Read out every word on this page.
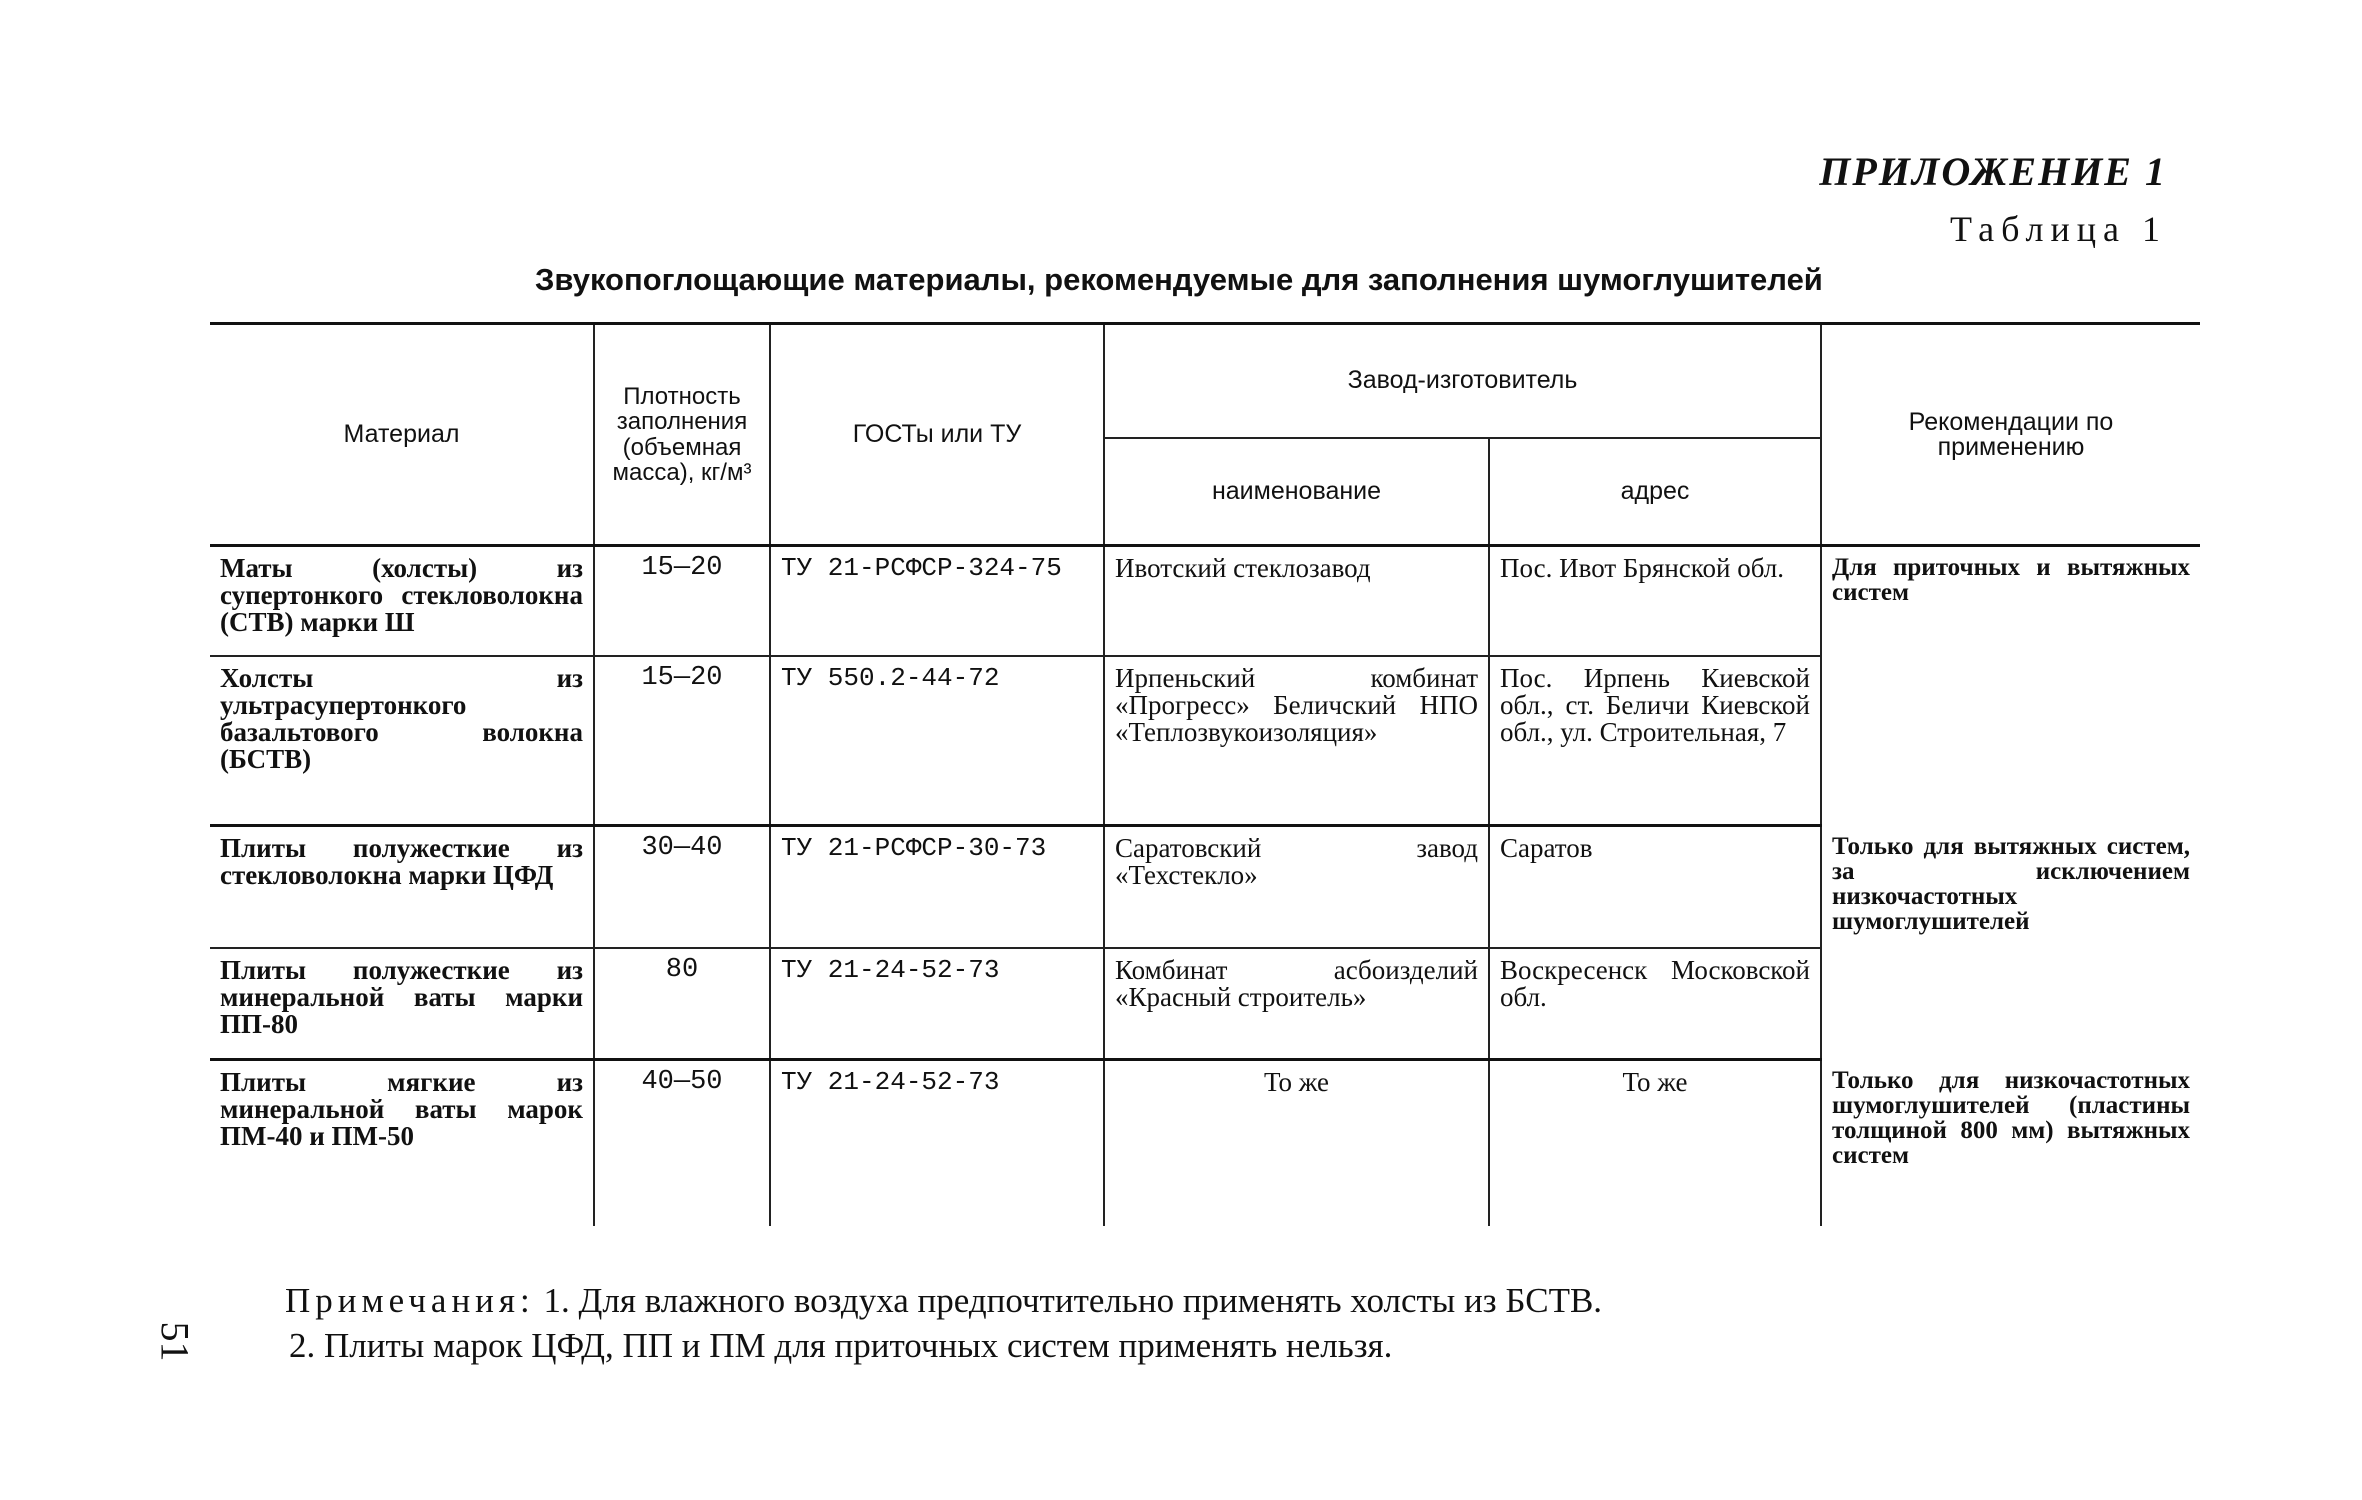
ПРИЛОЖЕНИЕ 1
Таблица 1
Звукопоглощающие материалы, рекомендуемые для заполнения шумоглушителей
Материал	Плотность заполнения (объемная масса), кг/м³	ГОСТы или ТУ	Завод-изготовитель		Рекомендации по применению
			наименование	адрес	
Маты (холсты) из супертонкого стекловолокна (СТВ) марки Ш	15—20	ТУ 21-РСФСР-324-75	Ивотский стеклозавод	Пос. Ивот Брянской обл.	Для приточных и вытяжных систем
Холсты из ультрасупертонкого базальтового волокна (БСТВ)	15—20	ТУ 550.2-44-72	Ирпеньский комбинат «Прогресс» Беличский НПО «Теплозвукоизоляция»	Пос. Ирпень Киевской обл., ст. Беличи Киевской обл., ул. Строительная, 7	
Плиты полужесткие из стекловолокна марки ЦФД	30—40	ТУ 21-РСФСР-30-73	Саратовский завод «Техстекло»	Саратов	Только для вытяжных систем, за исключением низкочастотных шумоглушителей
Плиты полужесткие из минеральной ваты марки ПП-80	80	ТУ 21-24-52-73	Комбинат асбоизделий «Красный строитель»	Воскресенск Московской обл.	
Плиты мягкие из минеральной ваты марок ПМ-40 и ПМ-50	40—50	ТУ 21-24-52-73	То же	То же	Только для низкочастотных шумоглушителей (пластины толщиной 800 мм) вытяжных систем
Примечания: 1. Для влажного воздуха предпочтительно применять холсты из БСТВ.
2. Плиты марок ЦФД, ПП и ПМ для приточных систем применять нельзя.
51
